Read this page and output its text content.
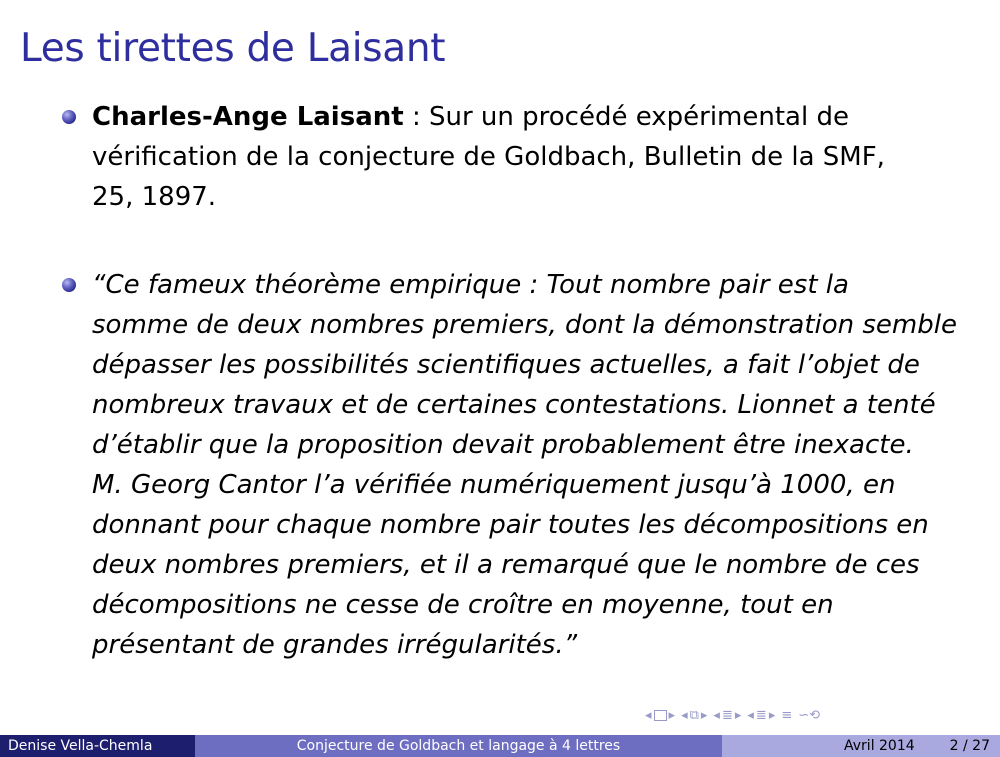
Les tirettes de Laisant
Charles-Ange Laisant : Sur un procédé expérimental de
vérification de la conjecture de Goldbach, Bulletin de la SMF,
25, 1897.
“Ce fameux théorème empirique : Tout nombre pair est la
somme de deux nombres premiers, dont la démonstration semble
dépasser les possibilités scientifiques actuelles, a fait l’objet de
nombreux travaux et de certaines contestations. Lionnet a tenté
d’établir que la proposition devait probablement être inexacte.
M. Georg Cantor l’a vérifiée numériquement jusqu’à 1000, en
donnant pour chaque nombre pair toutes les décompositions en
deux nombres premiers, et il a remarqué que le nombre de ces
décompositions ne cesse de croître en moyenne, tout en
présentant de grandes irrégularités.”
◂ ▸ ◂ ⧉ ▸ ◂ ≣ ▸ ◂ ≣ ▸ ≡ ∽⟲
Denise Vella-Chemla	Conjecture de Goldbach et langage à 4 lettres	Avril 2014	2 / 27
